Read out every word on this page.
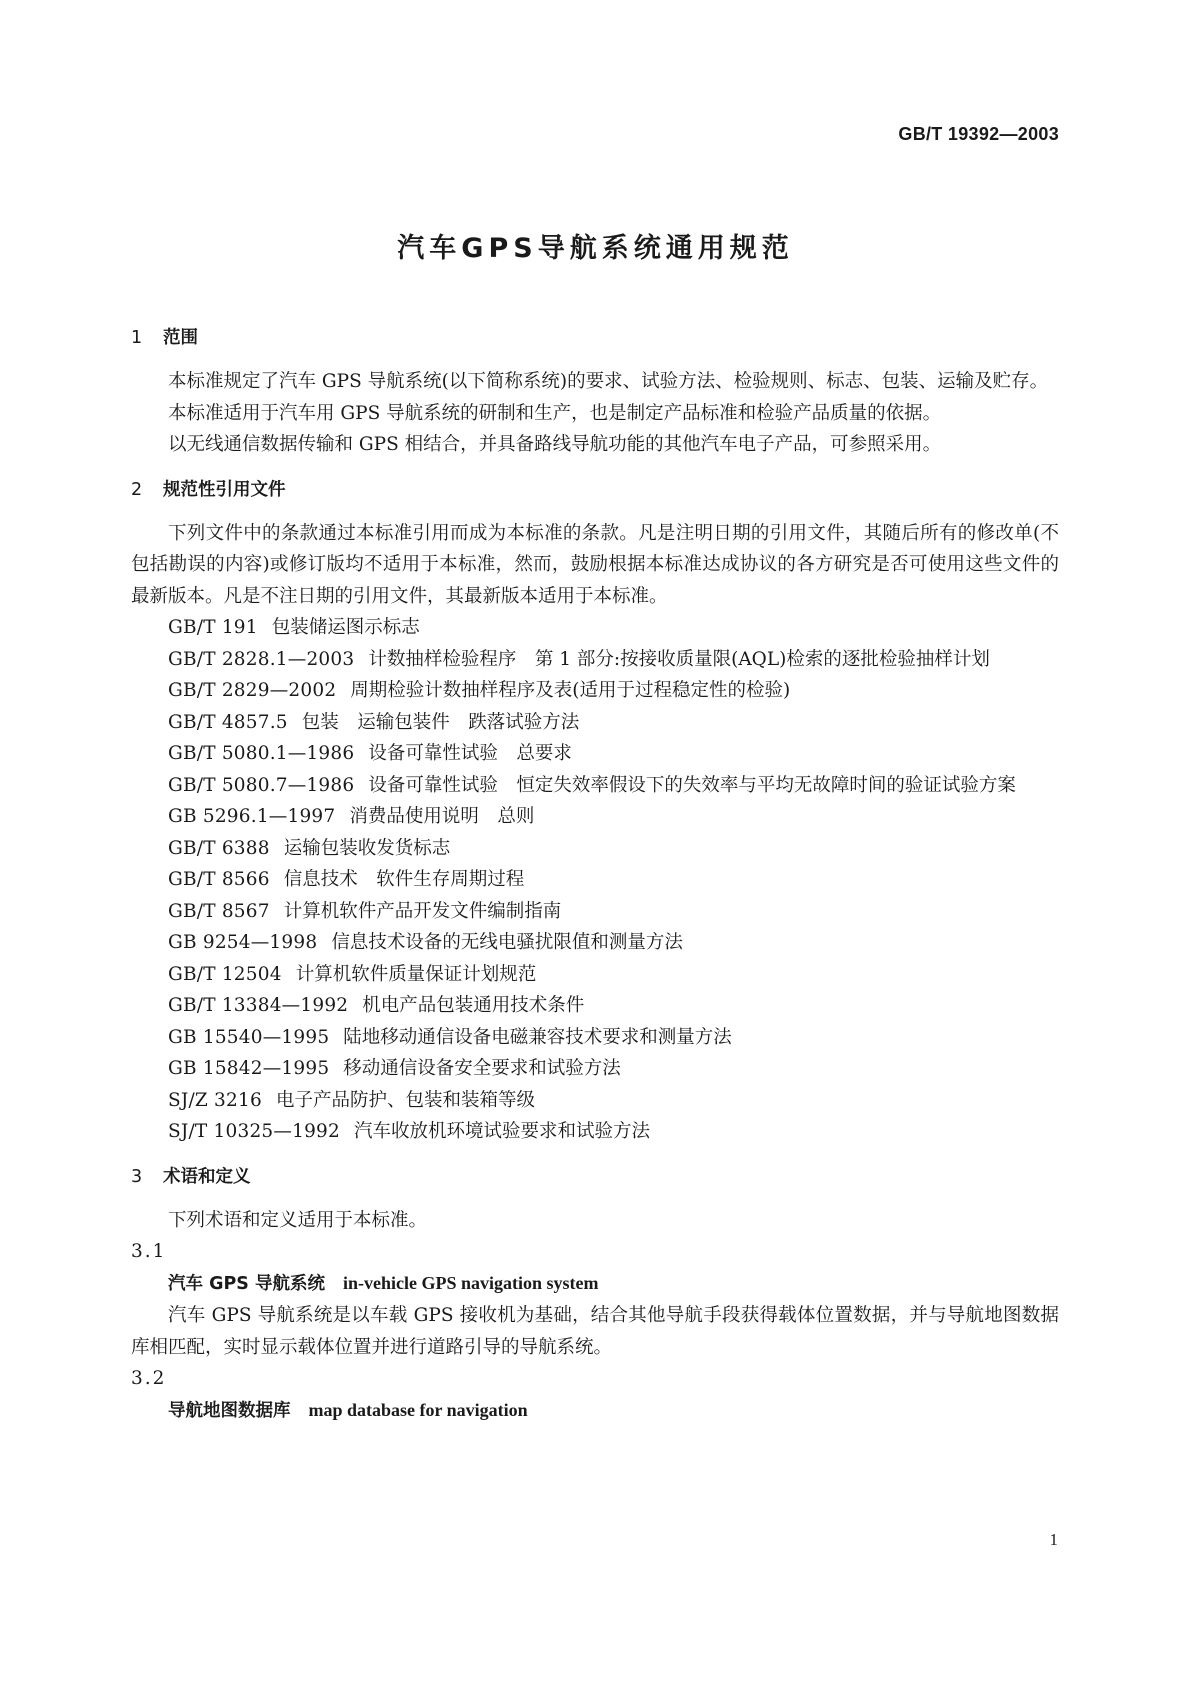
GB/T 19392—2003
汽车GPS导航系统通用规范
1 范围
本标准规定了汽车 GPS 导航系统(以下简称系统)的要求、试验方法、检验规则、标志、包装、运输及贮存。
本标准适用于汽车用 GPS 导航系统的研制和生产，也是制定产品标准和检验产品质量的依据。
以无线通信数据传输和 GPS 相结合，并具备路线导航功能的其他汽车电子产品，可参照采用。
2 规范性引用文件
下列文件中的条款通过本标准引用而成为本标准的条款。凡是注明日期的引用文件，其随后所有的修改单(不包括勘误的内容)或修订版均不适用于本标准，然而，鼓励根据本标准达成协议的各方研究是否可使用这些文件的最新版本。凡是不注日期的引用文件，其最新版本适用于本标准。
GB/T 191 包装储运图示标志
GB/T 2828.1—2003 计数抽样检验程序　第 1 部分:按接收质量限(AQL)检索的逐批检验抽样计划
GB/T 2829—2002 周期检验计数抽样程序及表(适用于过程稳定性的检验)
GB/T 4857.5 包装　运输包装件　跌落试验方法
GB/T 5080.1—1986 设备可靠性试验　总要求
GB/T 5080.7—1986 设备可靠性试验　恒定失效率假设下的失效率与平均无故障时间的验证试验方案
GB 5296.1—1997 消费品使用说明　总则
GB/T 6388 运输包装收发货标志
GB/T 8566 信息技术　软件生存周期过程
GB/T 8567 计算机软件产品开发文件编制指南
GB 9254—1998 信息技术设备的无线电骚扰限值和测量方法
GB/T 12504 计算机软件质量保证计划规范
GB/T 13384—1992 机电产品包装通用技术条件
GB 15540—1995 陆地移动通信设备电磁兼容技术要求和测量方法
GB 15842—1995 移动通信设备安全要求和试验方法
SJ/Z 3216 电子产品防护、包装和装箱等级
SJ/T 10325—1992 汽车收放机环境试验要求和试验方法
3 术语和定义
下列术语和定义适用于本标准。
3.1
汽车 GPS 导航系统 in-vehicle GPS navigation system
汽车 GPS 导航系统是以车载 GPS 接收机为基础，结合其他导航手段获得载体位置数据，并与导航地图数据库相匹配，实时显示载体位置并进行道路引导的导航系统。
3.2
导航地图数据库 map database for navigation
1
